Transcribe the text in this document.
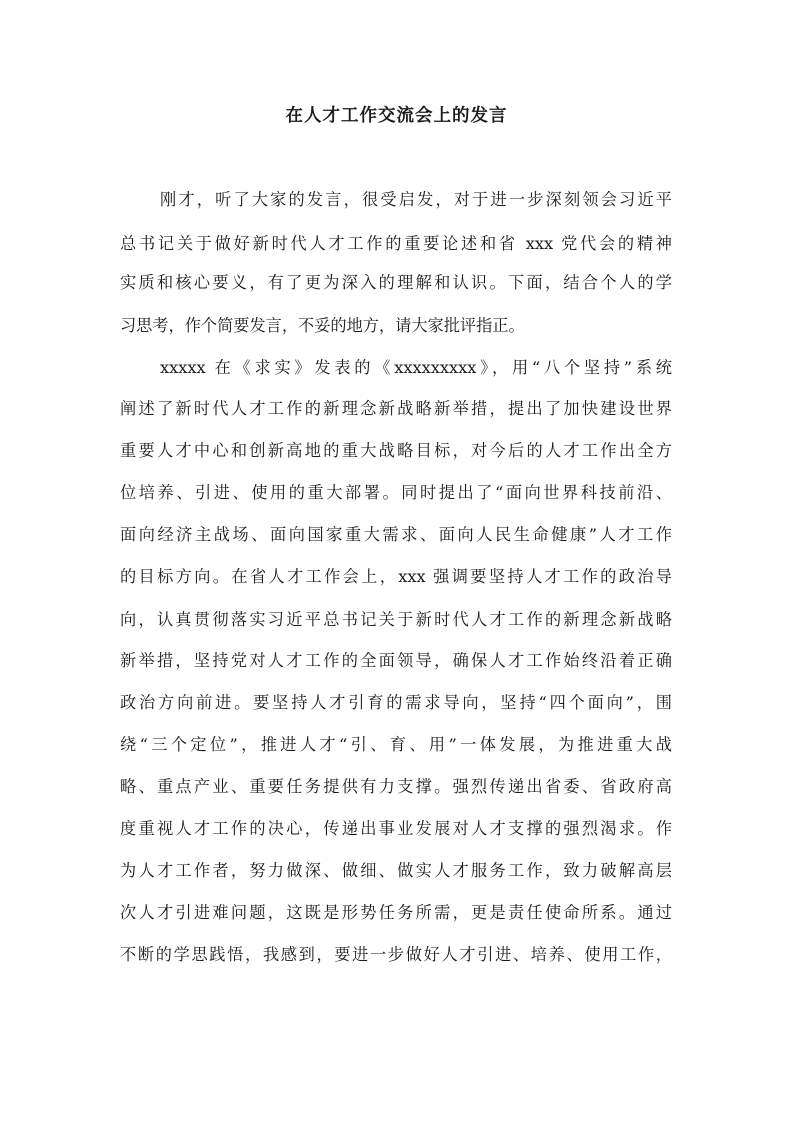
在人才工作交流会上的发言

刚才，听了大家的发言，很受启发，对于进一步深刻领会习近平

总书记关于做好新时代人才工作的重要论述和省 xxx 党代会的精神

实质和核心要义，有了更为深入的理解和认识。下面，结合个人的学

习思考，作个简要发言，不妥的地方，请大家批评指正。

xxxxx 在《求实》发表的《xxxxxxxxx》，用“八个坚持”系统

阐述了新时代人才工作的新理念新战略新举措，提出了加快建设世界

重要人才中心和创新高地的重大战略目标，对今后的人才工作出全方

位培养、引进、使用的重大部署。同时提出了“面向世界科技前沿、

面向经济主战场、面向国家重大需求、面向人民生命健康”人才工作

的目标方向。在省人才工作会上，xxx 强调要坚持人才工作的政治导

向，认真贯彻落实习近平总书记关于新时代人才工作的新理念新战略

新举措，坚持党对人才工作的全面领导，确保人才工作始终沿着正确

政治方向前进。要坚持人才引育的需求导向，坚持“四个面向”，围

绕“三个定位”，推进人才“引、育、用”一体发展，为推进重大战

略、重点产业、重要任务提供有力支撑。强烈传递出省委、省政府高

度重视人才工作的决心，传递出事业发展对人才支撑的强烈渴求。作

为人才工作者，努力做深、做细、做实人才服务工作，致力破解高层

次人才引进难问题，这既是形势任务所需，更是责任使命所系。通过

不断的学思践悟，我感到，要进一步做好人才引进、培养、使用工作，
